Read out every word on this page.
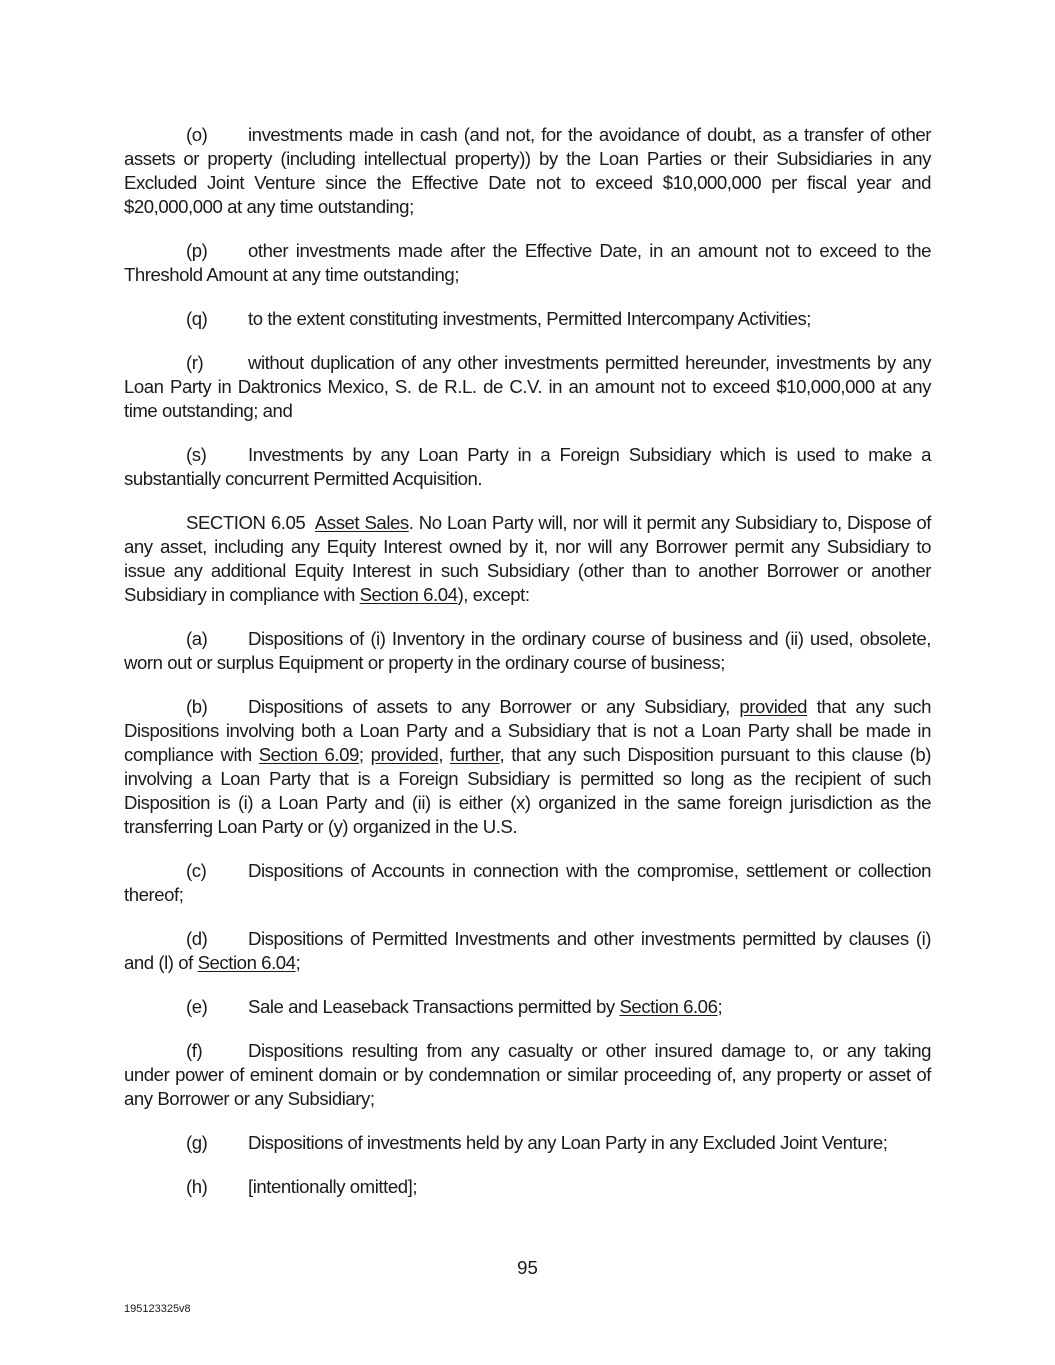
(o) investments made in cash (and not, for the avoidance of doubt, as a transfer of other assets or property (including intellectual property)) by the Loan Parties or their Subsidiaries in any Excluded Joint Venture since the Effective Date not to exceed $10,000,000 per fiscal year and $20,000,000 at any time outstanding;

(p) other investments made after the Effective Date, in an amount not to exceed to the Threshold Amount at any time outstanding;

(q) to the extent constituting investments, Permitted Intercompany Activities;

(r) without duplication of any other investments permitted hereunder, investments by any Loan Party in Daktronics Mexico, S. de R.L. de C.V. in an amount not to exceed $10,000,000 at any time outstanding; and

(s) Investments by any Loan Party in a Foreign Subsidiary which is used to make a substantially concurrent Permitted Acquisition.

SECTION 6.05 Asset Sales. No Loan Party will, nor will it permit any Subsidiary to, Dispose of any asset, including any Equity Interest owned by it, nor will any Borrower permit any Subsidiary to issue any additional Equity Interest in such Subsidiary (other than to another Borrower or another Subsidiary in compliance with Section 6.04), except:

(a) Dispositions of (i) Inventory in the ordinary course of business and (ii) used, obsolete, worn out or surplus Equipment or property in the ordinary course of business;

(b) Dispositions of assets to any Borrower or any Subsidiary, provided that any such Dispositions involving both a Loan Party and a Subsidiary that is not a Loan Party shall be made in compliance with Section 6.09; provided, further, that any such Disposition pursuant to this clause (b) involving a Loan Party that is a Foreign Subsidiary is permitted so long as the recipient of such Disposition is (i) a Loan Party and (ii) is either (x) organized in the same foreign jurisdiction as the transferring Loan Party or (y) organized in the U.S.

(c) Dispositions of Accounts in connection with the compromise, settlement or collection thereof;

(d) Dispositions of Permitted Investments and other investments permitted by clauses (i) and (l) of Section 6.04;

(e) Sale and Leaseback Transactions permitted by Section 6.06;

(f) Dispositions resulting from any casualty or other insured damage to, or any taking under power of eminent domain or by condemnation or similar proceeding of, any property or asset of any Borrower or any Subsidiary;

(g) Dispositions of investments held by any Loan Party in any Excluded Joint Venture;

(h) [intentionally omitted];

95
195123325v8
